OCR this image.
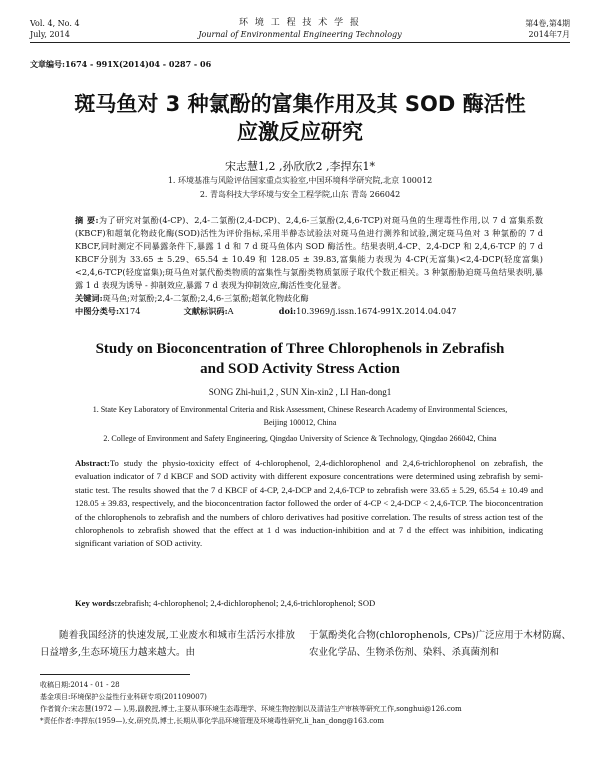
Vol. 4, No. 4
July, 2014
环 境 工 程 技 术 学 报
Journal of Environmental Engineering Technology
第4卷,第4期
2014年7月
文章编号:1674 - 991X(2014)04 - 0287 - 06
斑马鱼对 3 种氯酚的富集作用及其 SOD 酶活性
应激反应研究
宋志慧1,2 ,孙欣欣2 ,李捍东1*
1. 环境基准与风险评估国家重点实验室,中国环境科学研究院,北京 100012
2. 青岛科技大学环境与安全工程学院,山东 青岛 266042
摘 要:为了研究对氯酚(4-CP)、2,4-二氯酚(2,4-DCP)、2,4,6-三氯酚(2,4,6-TCP)对斑马鱼的生理毒性作用,以 7 d 富集系数(KBCF)和超氧化物歧化酶(SOD)活性为评价指标,采用半静态试验法对斑马鱼进行测养和试验,测定斑马鱼对 3 种氯酚的 7 d KBCF,同时测定不同暴露条件下,暴露 1 d 和 7 d 斑马鱼体内 SOD 酶活性。结果表明,4-CP、2,4-DCP 和 2,4,6-TCP 的 7 d KBCF分别为 33.65 ± 5.29、65.54 ± 10.49 和 128.05 ± 39.83,富集能力表现为 4-CP(无富集)<2,4-DCP(轻度富集)<2,4,6-TCP(轻度富集);斑马鱼对氯代酚类物质的富集性与氯酚类物质氯原子取代个数正相关。3 种氯酚胁迫斑马鱼结果表明,暴露 1 d 表现为诱导 - 抑制效应,暴露 7 d 表现为抑制效应,酶活性变化显著。
关键词:斑马鱼;对氯酚;2,4-二氯酚;2,4,6-三氯酚;超氧化物歧化酶
中图分类号:X174	文献标识码:A	doi:10.3969/j.issn.1674-991X.2014.04.047
Study on Bioconcentration of Three Chlorophenols in Zebrafish
and SOD Activity Stress Action
SONG Zhi-hui1,2 , SUN Xin-xin2 , LI Han-dong1
1. State Key Laboratory of Environmental Criteria and Risk Assessment, Chinese Research Academy of Environmental Sciences,
Beijing 100012, China
2. College of Environment and Safety Engineering, Qingdao University of Science & Technology, Qingdao 266042, China
Abstract:To study the physio-toxicity effect of 4-chlorophenol, 2,4-dichlorophenol and 2,4,6-trichlorophenol on zebrafish, the evaluation indicator of 7 d KBCF and SOD activity with different exposure concentrations were determined using zebrafish by semi-static test. The results showed that the 7 d KBCF of 4-CP, 2,4-DCP and 2,4,6-TCP to zebrafish were 33.65 ± 5.29, 65.54 ± 10.49 and 128.05 ± 39.83, respectively, and the bioconcentration factor followed the order of 4-CP < 2,4-DCP < 2,4,6-TCP. The bioconcentration of the chlorophenols to zebrafish and the numbers of chloro derivatives had positive correlation. The results of stress action test of the chlorophenols to zebrafish showed that the effect at 1 d was induction-inhibition and at 7 d the effect was inhibition, indicating significant variation of SOD activity.
Key words:zebrafish; 4-chlorophenol; 2,4-dichlorophenol; 2,4,6-trichlorophenol; SOD
随着我国经济的快速发展,工业废水和城市生活污水排放日益增多,生态环境压力越来越大。由
于氯酚类化合物(chlorophenols, CPs)广泛应用于木材防腐、农业化学品、生物杀伤剂、染料、杀真菌剂和
收稿日期:2014 - 01 - 28
基金项目:环境保护公益性行业科研专项(201109007)
作者简介:宋志慧(1972 — ),男,副教授,博士,主要从事环境生态毒理学、环境生物控制以及清洁生产审核等研究工作,songhui@126.com
*责任作者:李捍东(1959—),女,研究员,博士,长期从事化学品环境管理及环境毒性研究,li_han_dong@163.com
